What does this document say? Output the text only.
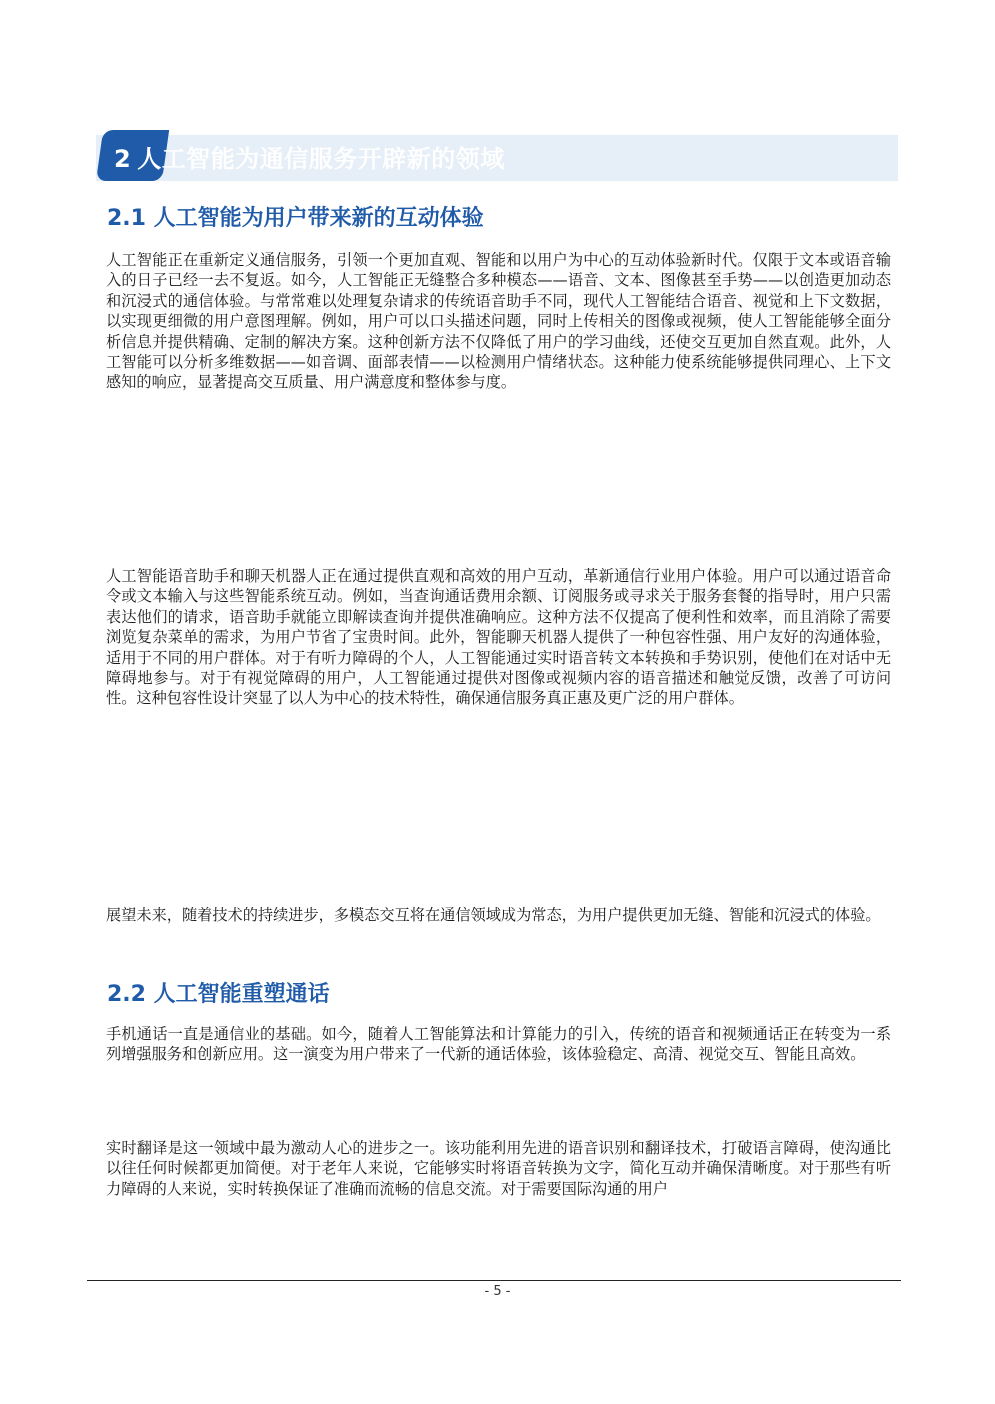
2 人工智能为通信服务开辟新的领域
2.1 人工智能为用户带来新的互动体验
人工智能正在重新定义通信服务，引领一个更加直观、智能和以用户为中心的互动体验新时代。仅限于文本或语音输入的日子已经一去不复返。如今，人工智能正无缝整合多种模态——语音、文本、图像甚至手势——以创造更加动态和沉浸式的通信体验。与常常难以处理复杂请求的传统语音助手不同，现代人工智能结合语音、视觉和上下文数据，以实现更细微的用户意图理解。例如，用户可以口头描述问题，同时上传相关的图像或视频，使人工智能能够全面分析信息并提供精确、定制的解决方案。这种创新方法不仅降低了用户的学习曲线，还使交互更加自然直观。此外，人工智能可以分析多维数据——如音调、面部表情——以检测用户情绪状态。这种能力使系统能够提供同理心、上下文感知的响应，显著提高交互质量、用户满意度和整体参与度。
人工智能语音助手和聊天机器人正在通过提供直观和高效的用户互动，革新通信行业用户体验。用户可以通过语音命令或文本输入与这些智能系统互动。例如，当查询通话费用余额、订阅服务或寻求关于服务套餐的指导时，用户只需表达他们的请求，语音助手就能立即解读查询并提供准确响应。这种方法不仅提高了便利性和效率，而且消除了需要浏览复杂菜单的需求，为用户节省了宝贵时间。此外，智能聊天机器人提供了一种包容性强、用户友好的沟通体验，适用于不同的用户群体。对于有听力障碍的个人，人工智能通过实时语音转文本转换和手势识别，使他们在对话中无障碍地参与。对于有视觉障碍的用户，人工智能通过提供对图像或视频内容的语音描述和触觉反馈，改善了可访问性。这种包容性设计突显了以人为中心的技术特性，确保通信服务真正惠及更广泛的用户群体。
展望未来，随着技术的持续进步，多模态交互将在通信领域成为常态，为用户提供更加无缝、智能和沉浸式的体验。
2.2 人工智能重塑通话
手机通话一直是通信业的基础。如今，随着人工智能算法和计算能力的引入，传统的语音和视频通话正在转变为一系列增强服务和创新应用。这一演变为用户带来了一代新的通话体验，该体验稳定、高清、视觉交互、智能且高效。
实时翻译是这一领域中最为激动人心的进步之一。该功能利用先进的语音识别和翻译技术，打破语言障碍，使沟通比以往任何时候都更加简便。对于老年人来说，它能够实时将语音转换为文字，简化互动并确保清晰度。对于那些有听力障碍的人来说，实时转换保证了准确而流畅的信息交流。对于需要国际沟通的用户
- 5 -
